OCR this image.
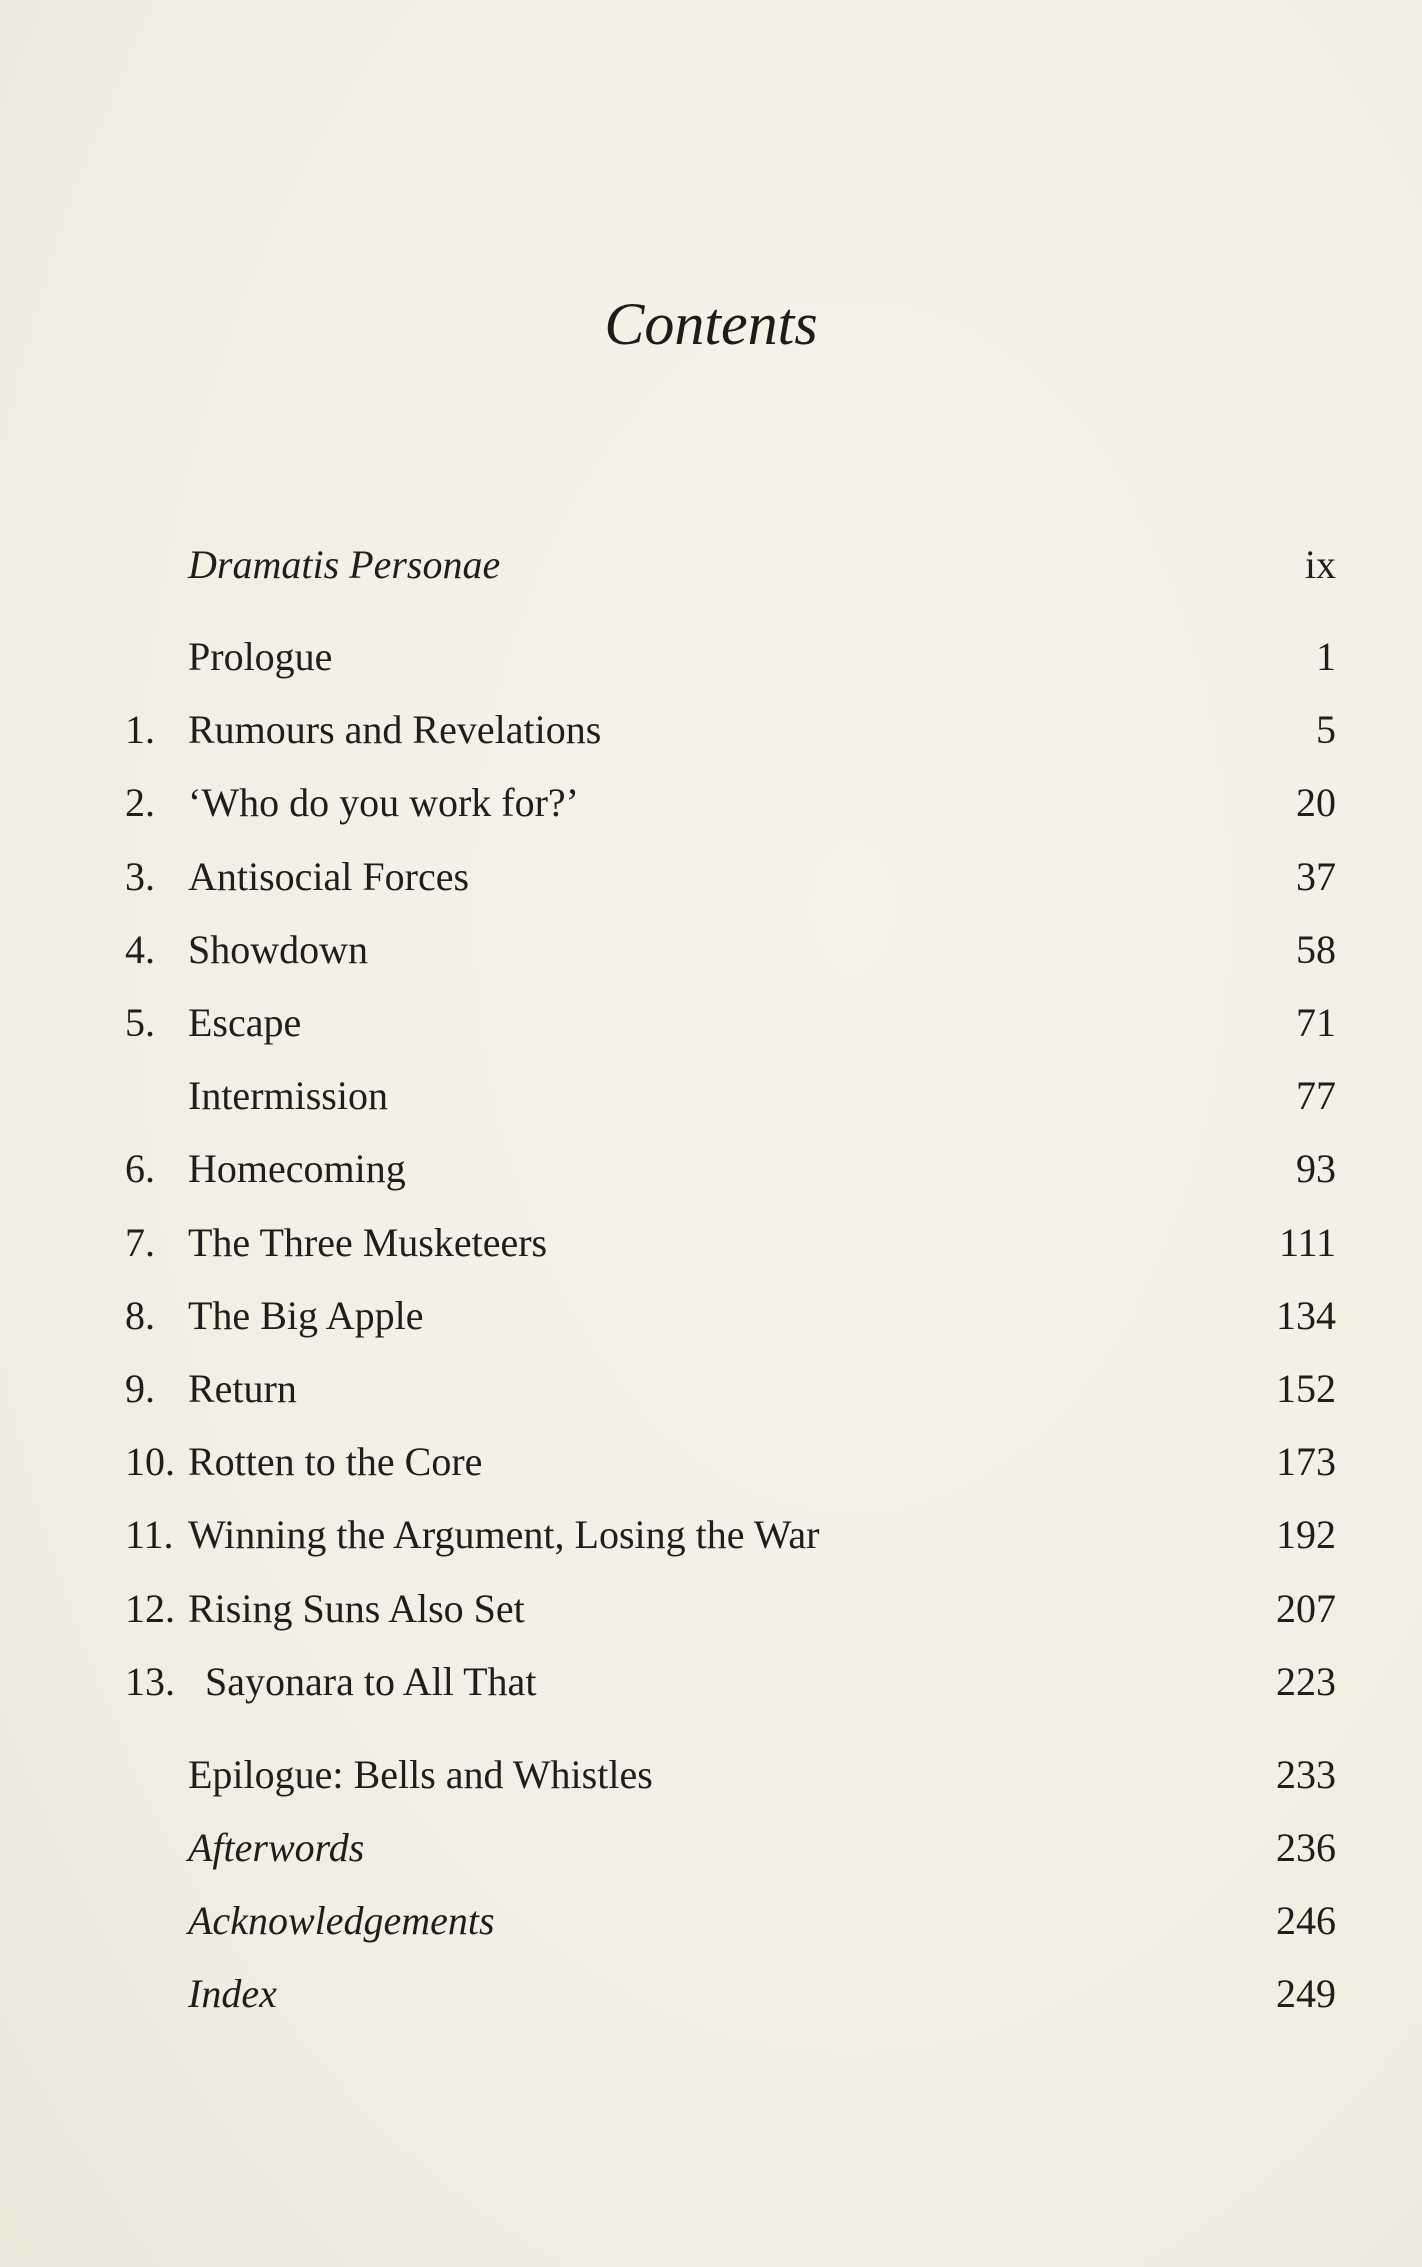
Contents
Dramatis Personae	ix
Prologue	1
1. Rumours and Revelations	5
2. ‘Who do you work for?’	20
3. Antisocial Forces	37
4. Showdown	58
5. Escape	71
Intermission	77
6. Homecoming	93
7. The Three Musketeers	111
8. The Big Apple	134
9. Return	152
10. Rotten to the Core	173
11. Winning the Argument, Losing the War	192
12. Rising Suns Also Set	207
13. Sayonara to All That	223
Epilogue: Bells and Whistles	233
Afterwords	236
Acknowledgements	246
Index	249
